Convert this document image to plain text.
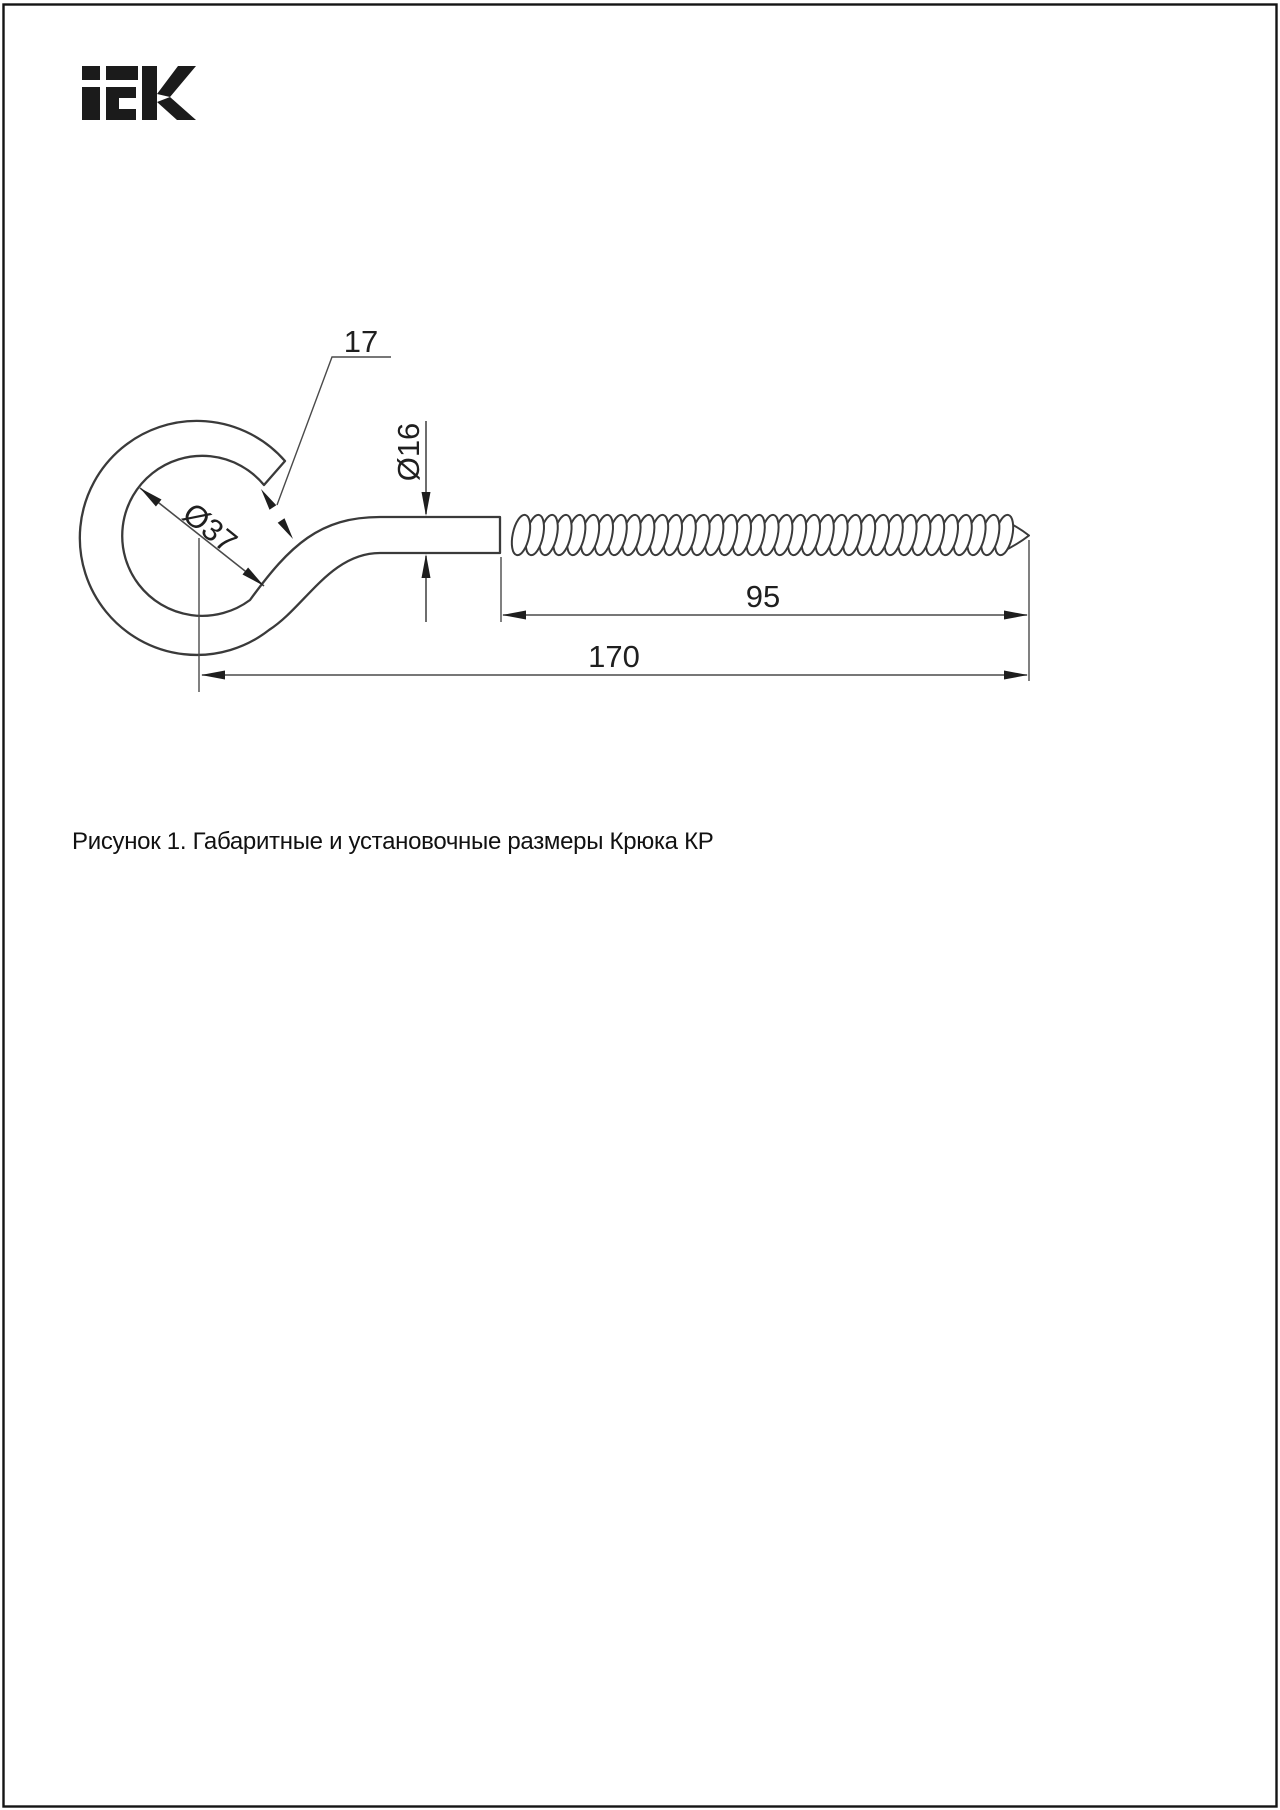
17
Ø16
Ø37
95
170
Рисунок 1. Габаритные и установочные размеры Крюка КР
